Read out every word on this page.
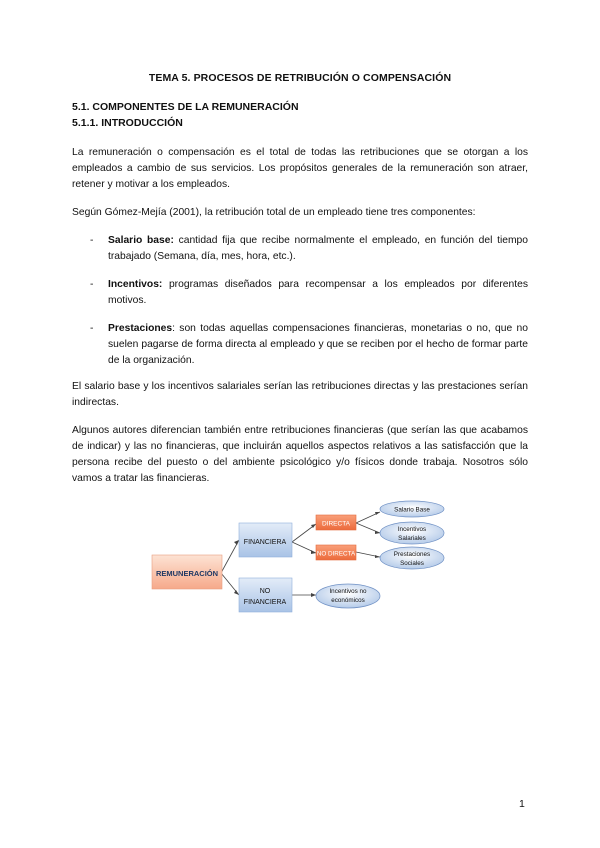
TEMA 5. PROCESOS DE RETRIBUCIÓN O COMPENSACIÓN
5.1. COMPONENTES DE LA REMUNERACIÓN
5.1.1. INTRODUCCIÓN
La remuneración o compensación es el total de todas las retribuciones que se otorgan a los empleados a cambio de sus servicios. Los propósitos generales de la remuneración son atraer, retener y motivar a los empleados.
Según Gómez-Mejía (2001), la retribución total de un empleado tiene tres componentes:
- Salario base: cantidad fija que recibe normalmente el empleado, en función del tiempo trabajado (Semana, día, mes, hora, etc.).
- Incentivos: programas diseñados para recompensar a los empleados por diferentes motivos.
- Prestaciones: son todas aquellas compensaciones financieras, monetarias o no, que no suelen pagarse de forma directa al empleado y que se reciben por el hecho de formar parte de la organización.
El salario base y los incentivos salariales serían las retribuciones directas y las prestaciones serían indirectas.
Algunos autores diferencian también entre retribuciones financieras (que serían las que acabamos de indicar) y las no financieras, que incluirán aquellos aspectos relativos a las satisfacción que la persona recibe del puesto o del ambiente psicológico y/o físicos donde trabaja. Nosotros sólo vamos a tratar las financieras.
REMUNERACIÓN
FINANCIERA
NO
FINANCIERA
DIRECTA
NO DIRECTA
Incentivos no
económicos
Salario Base
Incentivos
Salariales
Prestaciones
Sociales
1
